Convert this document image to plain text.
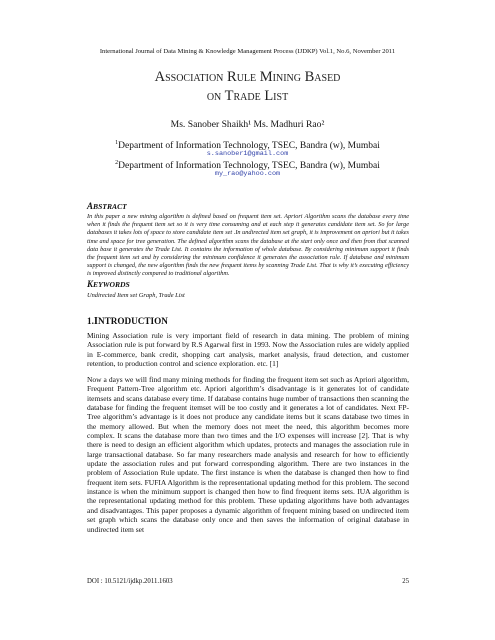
International Journal of Data Mining & Knowledge Management Process (IJDKP) Vol.1, No.6, November 2011
Association Rule Mining Based
on Trade List
Ms. Sanober Shaikh¹ Ms. Madhuri Rao²
$^1$Department of Information Technology, TSEC, Bandra (w), Mumbai
s.sanober1@gmail.com
$^2$Department of Information Technology, TSEC, Bandra (w), Mumbai
my_rao@yahoo.com
ABSTRACT

In this paper a new mining algorithm is defined based on frequent item set. Apriori Algorithm scans the database every time when it finds the frequent item set so it is very time consuming and at each step it generates candidate item set. So for large databases it takes lots of space to store candidate item set .In undirected item set graph, it is improvement on apriori but it takes time and space for tree generation. The defined algorithm scans the database at the start only once and then from that scanned data base it generates the Trade List. It contains the information of whole database. By considering minimum support it finds the frequent item set and by considering the minimum confidence it generates the association rule. If database and minimum support is changed, the new algorithm finds the new frequent items by scanning Trade List. That is why it’s executing efficiency is improved distinctly compared to traditional algorithm.

KEYWORDS
Undirected Item set Graph, Trade List
1.INTRODUCTION

Mining Association rule is very important field of research in data mining. The problem of mining Association rule is put forward by R.S Agarwal first in 1993. Now the Association rules are widely applied in E-commerce, bank credit, shopping cart analysis, market analysis, fraud detection, and customer retention, to production control and science exploration. etc. [1]

Now a days we will find many mining methods for finding the frequent item set such as Apriori algorithm, Frequent Pattern-Tree algorithm etc. Apriori algorithm’s disadvantage is it generates lot of candidate itemsets and scans database every time. If database contains huge number of transactions then scanning the database for finding the frequent itemset will be too costly and it generates a lot of candidates. Next FP-Tree algorithm’s advantage is it does not produce any candidate items but it scans database two times in the memory allowed. But when the memory does not meet the need, this algorithm becomes more complex. It scans the database more than two times and the I/O expenses will increase [2]. That is why there is need to design an efficient algorithm which updates, protects and manages the association rule in large transactional database. So far many researchers made analysis and research for how to efficiently update the association rules and put forward corresponding algorithm. There are two instances in the problem of Association Rule update. The first instance is when the database is changed then how to find frequent item sets. FUFIA Algorithm is the representational updating method for this problem. The second instance is when the minimum support is changed then how to find frequent items sets. IUA algorithm is the representational updating method for this problem. These updating algorithms have both advantages and disadvantages. This paper proposes a dynamic algorithm of frequent mining based on undirected item set graph which scans the database only once and then saves the information of original database in undirected item set

DOI : 10.5121/ijdkp.2011.1603	25
